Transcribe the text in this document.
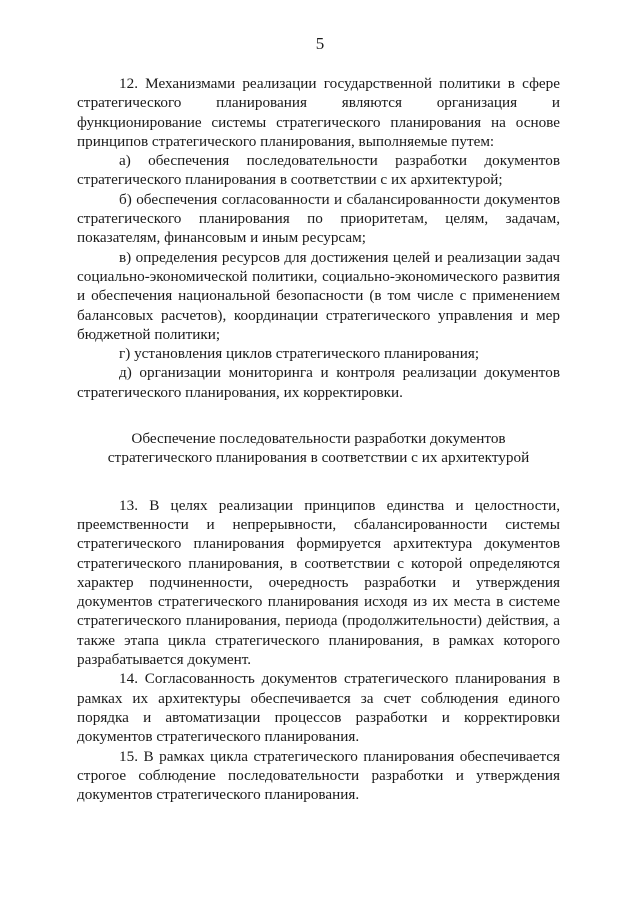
5

12. Механизмами реализации государственной политики в сфере стратегического планирования являются организация и функционирование системы стратегического планирования на основе принципов стратегического планирования, выполняемые путем:

а) обеспечения последовательности разработки документов стратегического планирования в соответствии с их архитектурой;

б) обеспечения согласованности и сбалансированности документов стратегического планирования по приоритетам, целям, задачам, показателям, финансовым и иным ресурсам;

в) определения ресурсов для достижения целей и реализации задач социально-экономической политики, социально-экономического развития и обеспечения национальной безопасности (в том числе с применением балансовых расчетов), координации стратегического управления и мер бюджетной политики;

г) установления циклов стратегического планирования;

д) организации мониторинга и контроля реализации документов стратегического планирования, их корректировки.

Обеспечение последовательности разработки документов
стратегического планирования в соответствии с их архитектурой

13. В целях реализации принципов единства и целостности, преемственности и непрерывности, сбалансированности системы стратегического планирования формируется архитектура документов стратегического планирования, в соответствии с которой определяются характер подчиненности, очередность разработки и утверждения документов стратегического планирования исходя из их места в системе стратегического планирования, периода (продолжительности) действия, а также этапа цикла стратегического планирования, в рамках которого разрабатывается документ.

14. Согласованность документов стратегического планирования в рамках их архитектуры обеспечивается за счет соблюдения единого порядка и автоматизации процессов разработки и корректировки документов стратегического планирования.

15. В рамках цикла стратегического планирования обеспечивается строгое соблюдение последовательности разработки и утверждения документов стратегического планирования.
